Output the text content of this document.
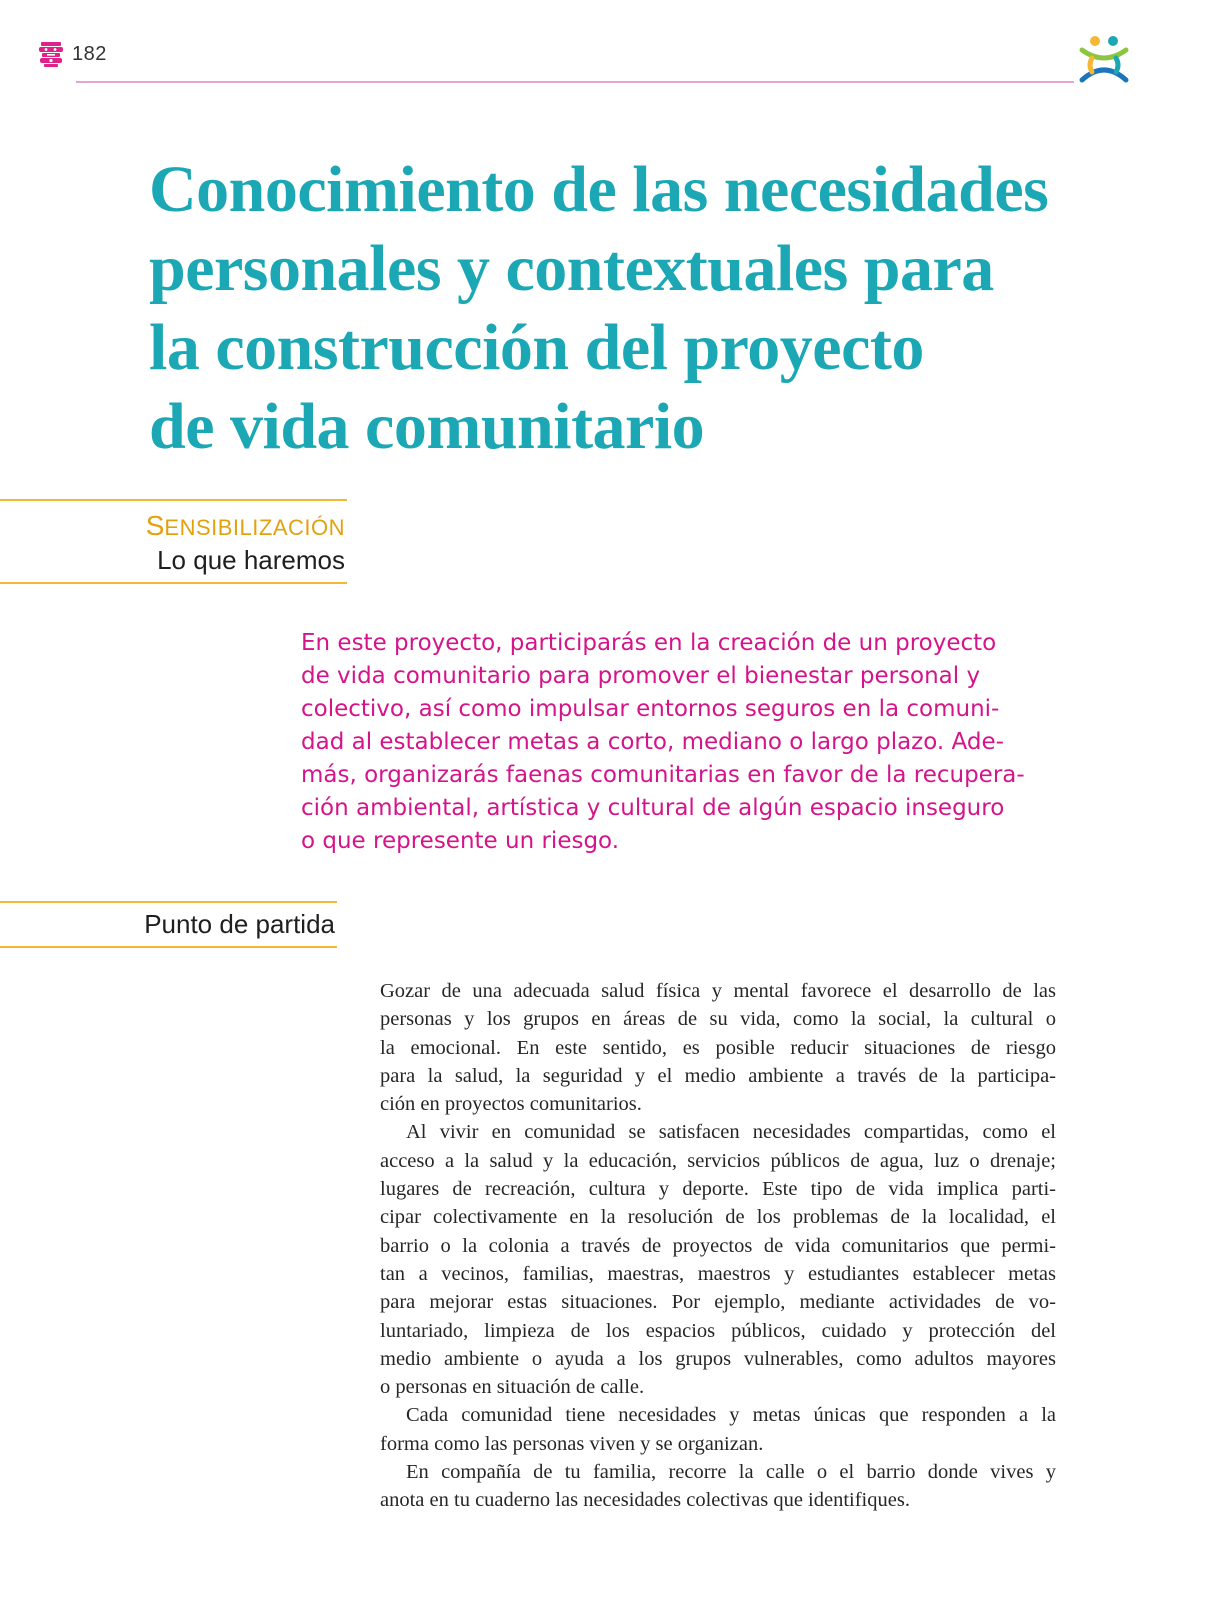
182
Conocimiento de las necesidades
personales y contextuales para
la construcción del proyecto
de vida comunitario
SENSIBILIZACIÓN
Lo que haremos
En este proyecto, participarás en la creación de un proyecto
de vida comunitario para promover el bienestar personal y
colectivo, así como impulsar entornos seguros en la comuni-
dad al establecer metas a corto, mediano o largo plazo. Ade-
más, organizarás faenas comunitarias en favor de la recupera-
ción ambiental, artística y cultural de algún espacio inseguro
o que represente un riesgo.
Punto de partida
Gozar de una adecuada salud física y mental favorece el desarrollo de las
personas y los grupos en áreas de su vida, como la social, la cultural o
la emocional. En este sentido, es posible reducir situaciones de riesgo
para la salud, la seguridad y el medio ambiente a través de la participa-
ción en proyectos comunitarios.
Al vivir en comunidad se satisfacen necesidades compartidas, como el
acceso a la salud y la educación, servicios públicos de agua, luz o drenaje;
lugares de recreación, cultura y deporte. Este tipo de vida implica parti-
cipar colectivamente en la resolución de los problemas de la localidad, el
barrio o la colonia a través de proyectos de vida comunitarios que permi-
tan a vecinos, familias, maestras, maestros y estudiantes establecer metas
para mejorar estas situaciones. Por ejemplo, mediante actividades de vo-
luntariado, limpieza de los espacios públicos, cuidado y protección del
medio ambiente o ayuda a los grupos vulnerables, como adultos mayores
o personas en situación de calle.
Cada comunidad tiene necesidades y metas únicas que responden a la
forma como las personas viven y se organizan.
En compañía de tu familia, recorre la calle o el barrio donde vives y
anota en tu cuaderno las necesidades colectivas que identifiques.
